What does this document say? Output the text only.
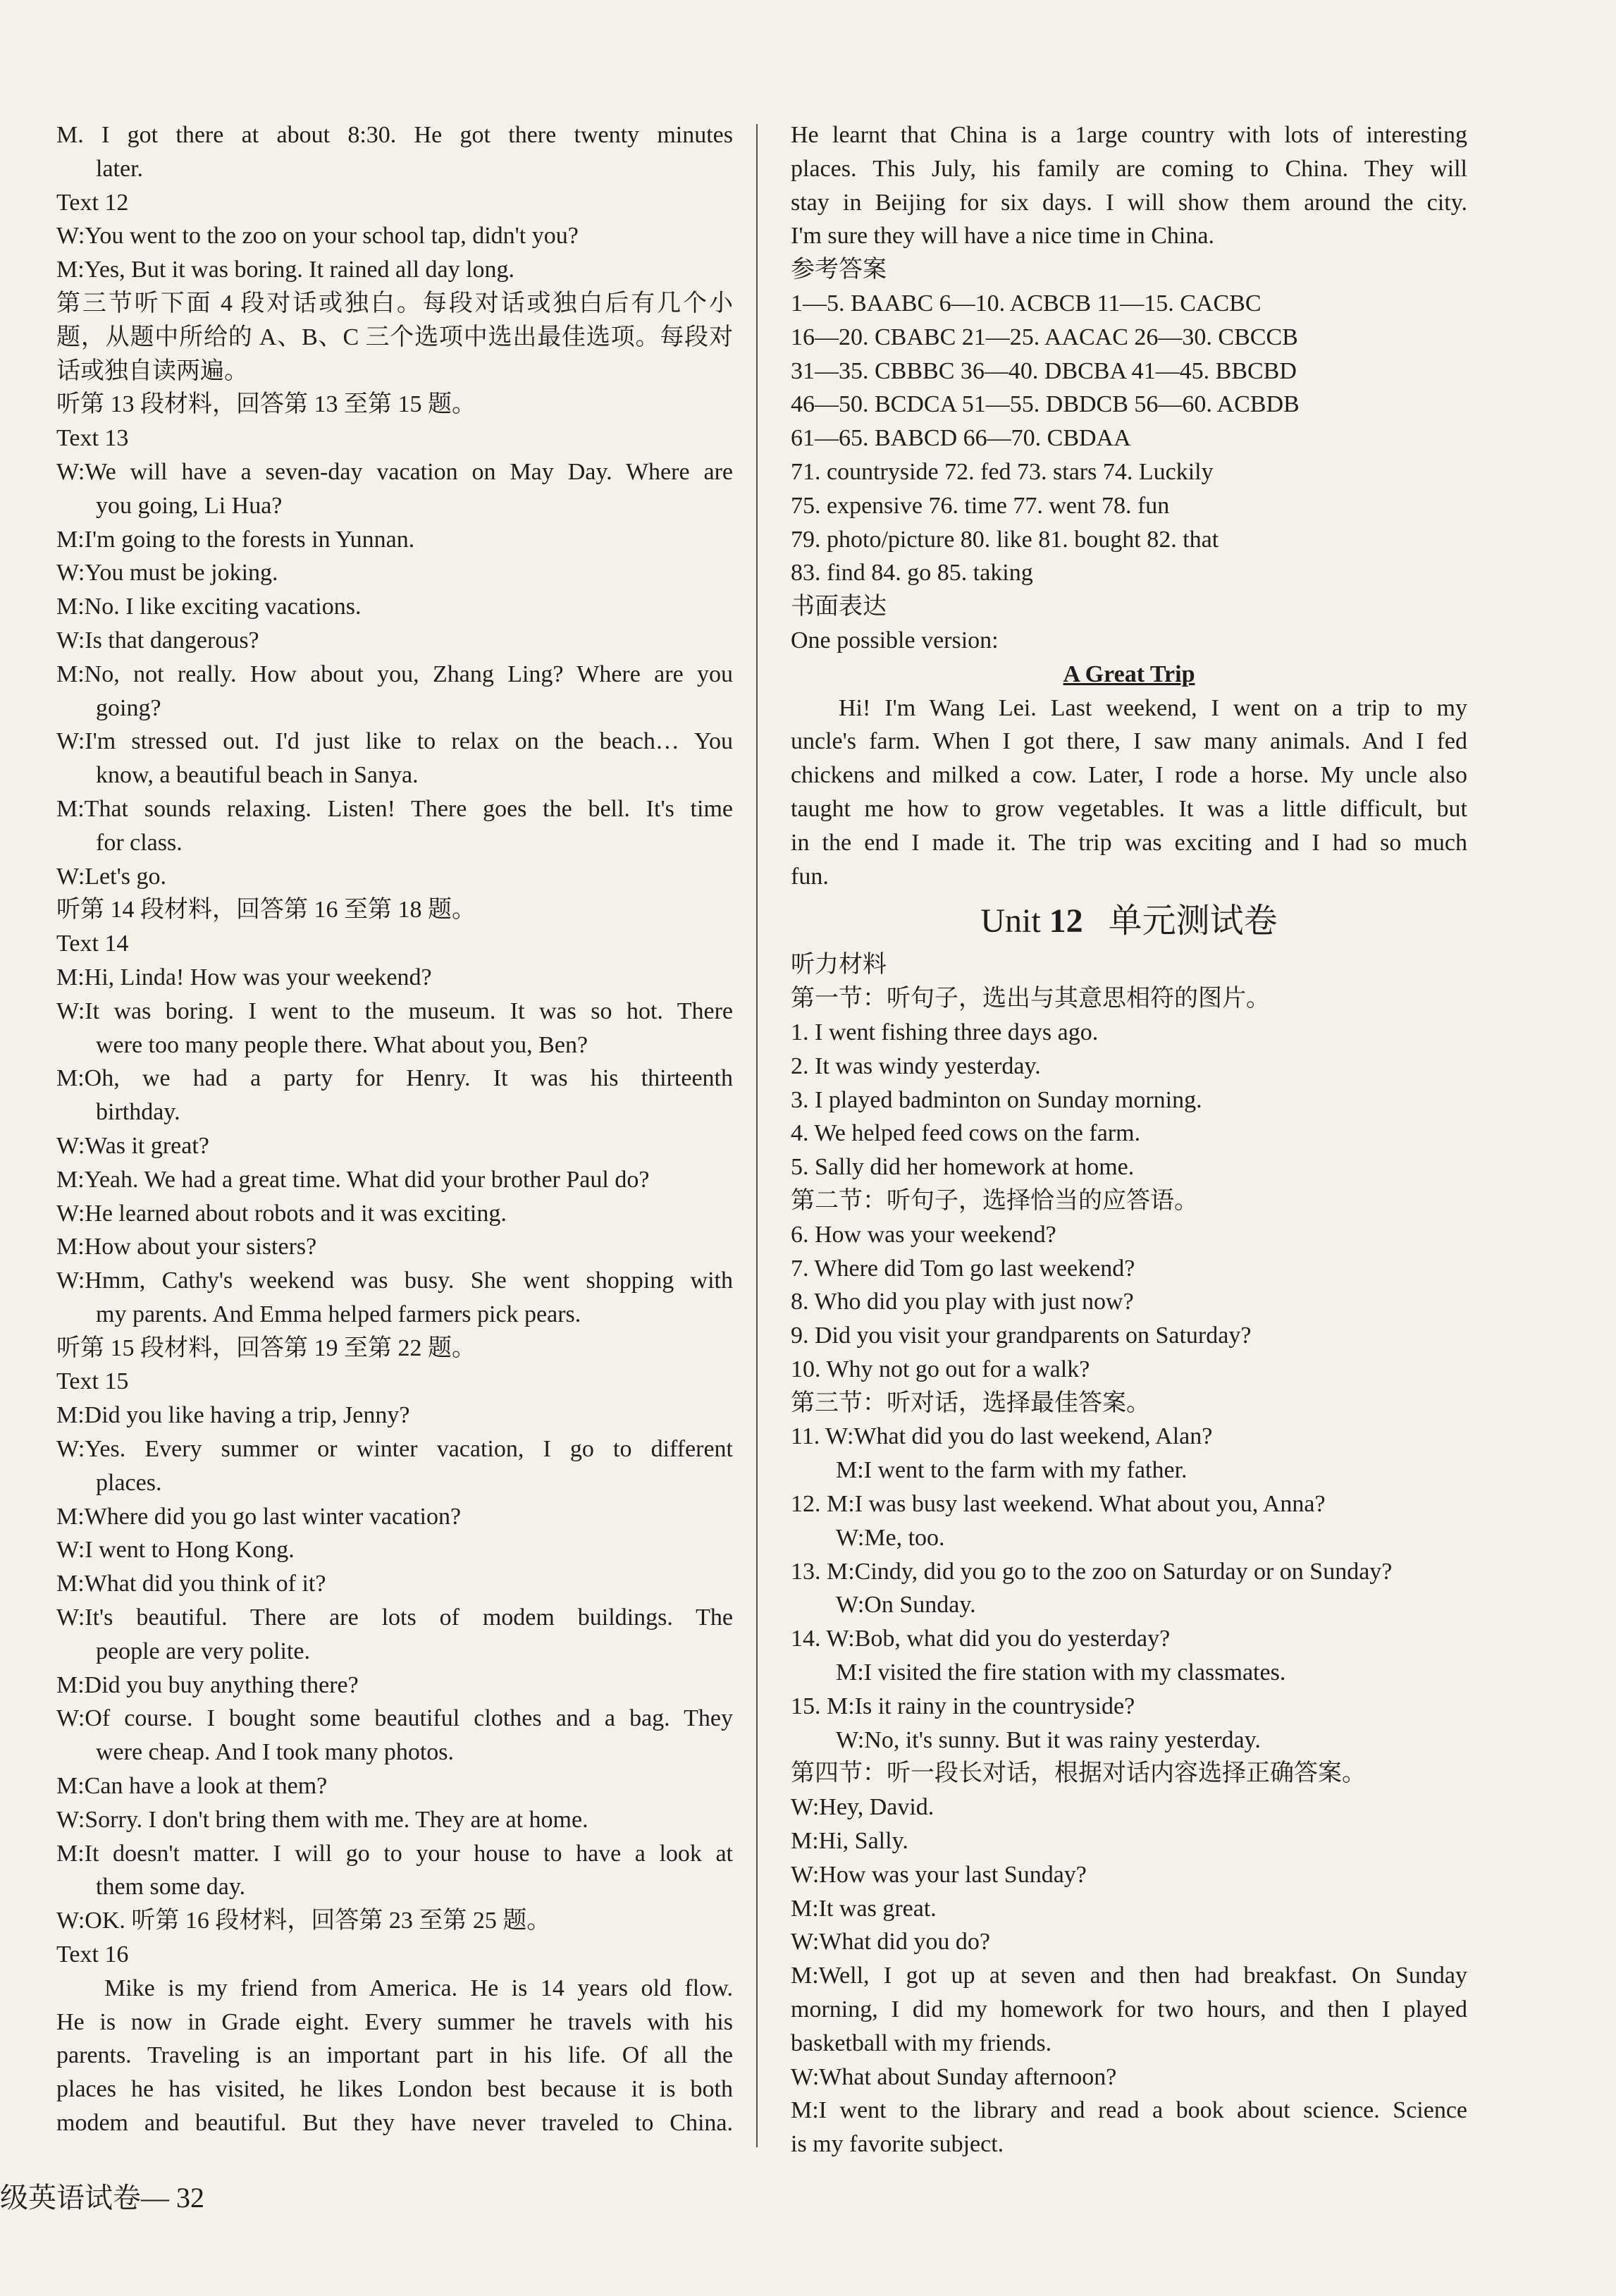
M. I got there at about 8:30. He got there twenty minutes
later.
Text 12
W:You went to the zoo on your school tap, didn't you?
M:Yes, But it was boring. It rained all day long.
第三节听下面 4 段对话或独白。每段对话或独白后有几个小
题，从题中所给的 A、B、C 三个选项中选出最佳选项。每段对
话或独自读两遍。
听第 13 段材料，回答第 13 至第 15 题。
Text 13
W:We will have a seven-day vacation on May Day. Where are
you going, Li Hua?
M:I'm going to the forests in Yunnan.
W:You must be joking.
M:No. I like exciting vacations.
W:Is that dangerous?
M:No, not really. How about you, Zhang Ling? Where are you
going?
W:I'm stressed out. I'd just like to relax on the beach… You
know, a beautiful beach in Sanya.
M:That sounds relaxing. Listen! There goes the bell. It's time
for class.
W:Let's go.
听第 14 段材料，回答第 16 至第 18 题。
Text 14
M:Hi, Linda! How was your weekend?
W:It was boring. I went to the museum. It was so hot. There
were too many people there. What about you, Ben?
M:Oh, we had a party for Henry. It was his thirteenth
birthday.
W:Was it great?
M:Yeah. We had a great time. What did your brother Paul do?
W:He learned about robots and it was exciting.
M:How about your sisters?
W:Hmm, Cathy's weekend was busy. She went shopping with
my parents. And Emma helped farmers pick pears.
听第 15 段材料，回答第 19 至第 22 题。
Text 15
M:Did you like having a trip, Jenny?
W:Yes. Every summer or winter vacation, I go to different
places.
M:Where did you go last winter vacation?
W:I went to Hong Kong.
M:What did you think of it?
W:It's beautiful. There are lots of modem buildings. The
people are very polite.
M:Did you buy anything there?
W:Of course. I bought some beautiful clothes and a bag. They
were cheap. And I took many photos.
M:Can have a look at them?
W:Sorry. I don't bring them with me. They are at home.
M:It doesn't matter. I will go to your house to have a look at
them some day.
W:OK. 听第 16 段材料，回答第 23 至第 25 题。
Text 16
Mike is my friend from America. He is 14 years old flow.
He is now in Grade eight. Every summer he travels with his
parents. Traveling is an important part in his life. Of all the
places he has visited, he likes London best because it is both
modem and beautiful. But they have never traveled to China.
He learnt that China is a 1arge country with lots of interesting
places. This July, his family are coming to China. They will
stay in Beijing for six days. I will show them around the city.
I'm sure they will have a nice time in China.
参考答案
1—5. BAABC 6—10. ACBCB 11—15. CACBC
16—20. CBABC 21—25. AACAC 26—30. CBCCB
31—35. CBBBC 36—40. DBCBA 41—45. BBCBD
46—50. BCDCA 51—55. DBDCB 56—60. ACBDB
61—65. BABCD 66—70. CBDAA
71. countryside 72. fed 73. stars 74. Luckily
75. expensive 76. time 77. went 78. fun
79. photo/picture 80. like 81. bought 82. that
83. find 84. go 85. taking
书面表达
One possible version:
A Great Trip
Hi! I'm Wang Lei. Last weekend, I went on a trip to my
uncle's farm. When I got there, I saw many animals. And I fed
chickens and milked a cow. Later, I rode a horse. My uncle also
taught me how to grow vegetables. It was a little difficult, but
in the end I made it. The trip was exciting and I had so much
fun.
Unit 12   单元测试卷
听力材料
第一节：听句子，选出与其意思相符的图片。
1. I went fishing three days ago.
2. It was windy yesterday.
3. I played badminton on Sunday morning.
4. We helped feed cows on the farm.
5. Sally did her homework at home.
第二节：听句子，选择恰当的应答语。
6. How was your weekend?
7. Where did Tom go last weekend?
8. Who did you play with just now?
9. Did you visit your grandparents on Saturday?
10. Why not go out for a walk?
第三节：听对话，选择最佳答案。
11. W:What did you do last weekend, Alan?
M:I went to the farm with my father.
12. M:I was busy last weekend. What about you, Anna?
W:Me, too.
13. M:Cindy, did you go to the zoo on Saturday or on Sunday?
W:On Sunday.
14. W:Bob, what did you do yesterday?
M:I visited the fire station with my classmates.
15. M:Is it rainy in the countryside?
W:No, it's sunny. But it was rainy yesterday.
第四节：听一段长对话，根据对话内容选择正确答案。
W:Hey, David.
M:Hi, Sally.
W:How was your last Sunday?
M:It was great.
W:What did you do?
M:Well, I got up at seven and then had breakfast. On Sunday
morning, I did my homework for two hours, and then I played
basketball with my friends.
W:What about Sunday afternoon?
M:I went to the library and read a book about science. Science
is my favorite subject.
级英语试卷— 32
